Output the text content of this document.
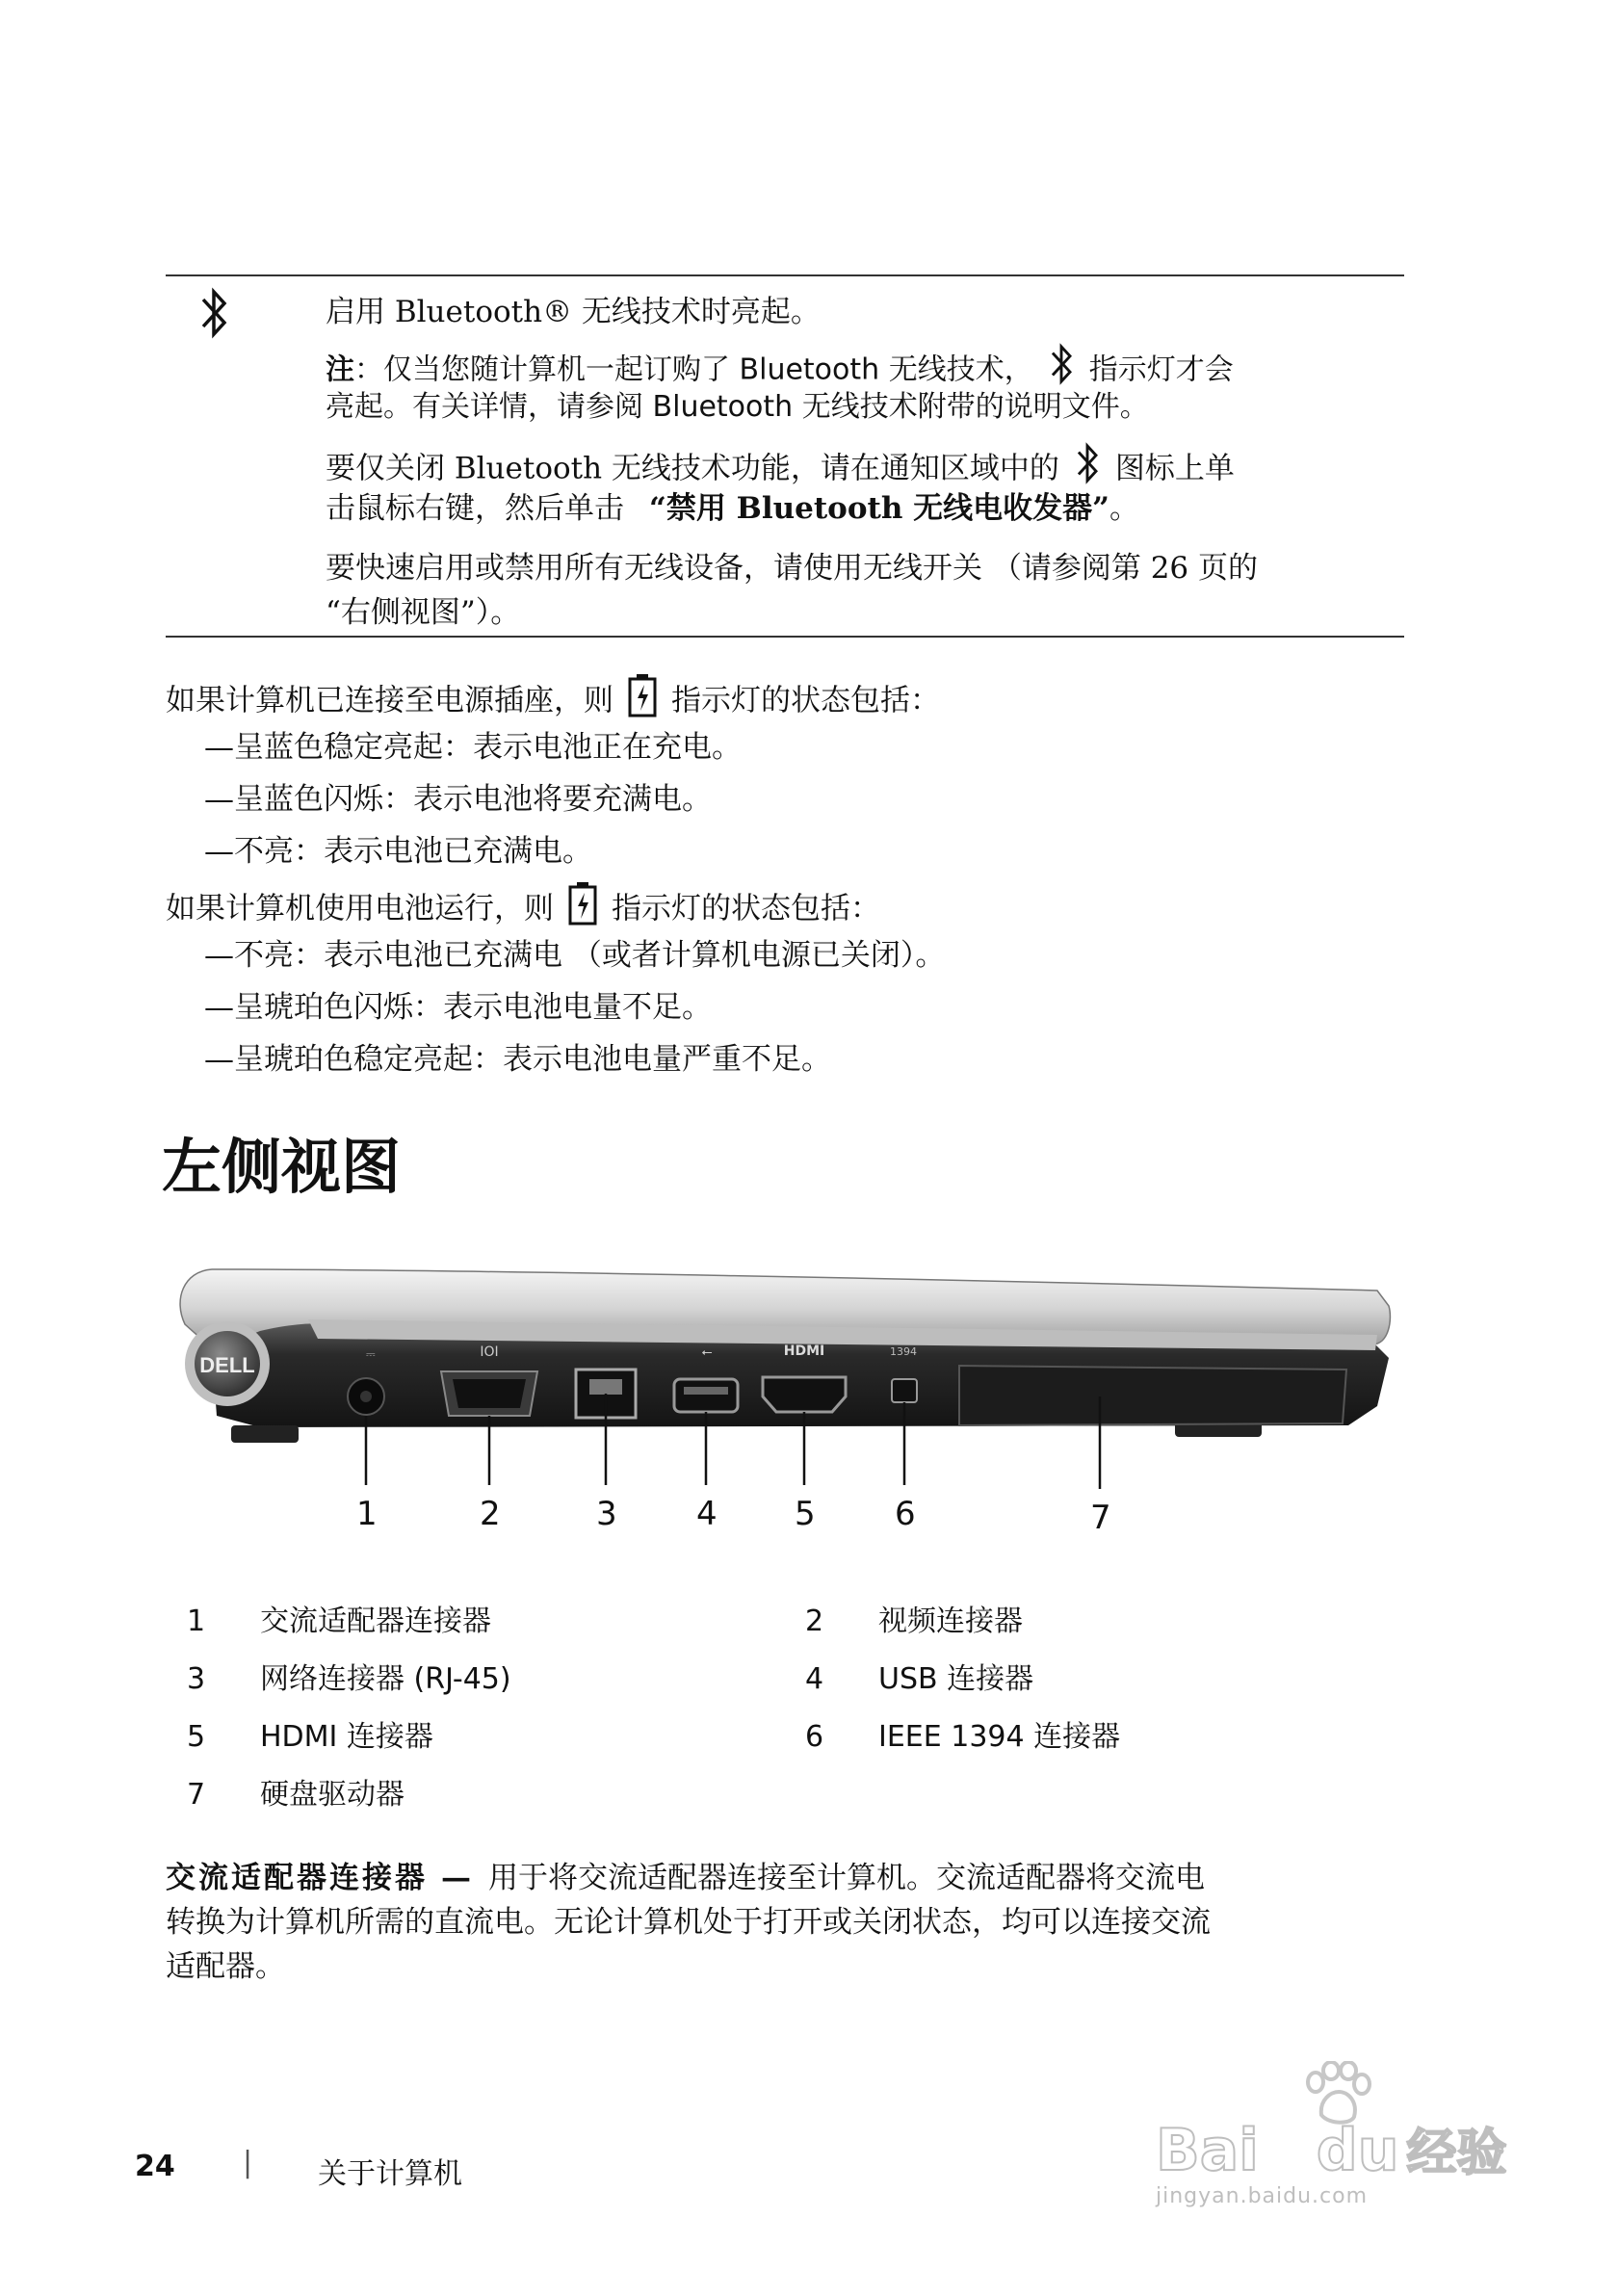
启用 Bluetooth® 无线技术时亮起。
注：仅当您随计算机一起订购了 Bluetooth 无线技术， 指示灯才会
亮起。有关详情，请参阅 Bluetooth 无线技术附带的说明文件。
要仅关闭 Bluetooth 无线技术功能，请在通知区域中的 图标上单
击鼠标右键，然后单击 “禁用 Bluetooth 无线电收发器”。
要快速启用或禁用所有无线设备，请使用无线开关 （请参阅第 26 页的
“右侧视图”）。
如果计算机已连接至电源插座，则 指示灯的状态包括：
—呈蓝色稳定亮起：表示电池正在充电。
—呈蓝色闪烁：表示电池将要充满电。
—不亮：表示电池已充满电。
如果计算机使用电池运行，则 指示灯的状态包括：
—不亮：表示电池已充满电 （或者计算机电源已关闭）。
—呈琥珀色闪烁：表示电池电量不足。
—呈琥珀色稳定亮起：表示电池电量严重不足。
左侧视图
DELL	⎓	IOI	⭠	HDMI	1394
1	2	3 4 5 6	7
1 交流适配器连接器	2 视频连接器
3 网络连接器 (RJ-45)	4 USB 连接器
5 HDMI 连接器	6 IEEE 1394 连接器
7 硬盘驱动器
交流适配器连接器 — 用于将交流适配器连接至计算机。交流适配器将交流电
转换为计算机所需的直流电。无论计算机处于打开或关闭状态，均可以连接交流
适配器。
24 | 关于计算机	Bai du 经验
jingyan.baidu.com
